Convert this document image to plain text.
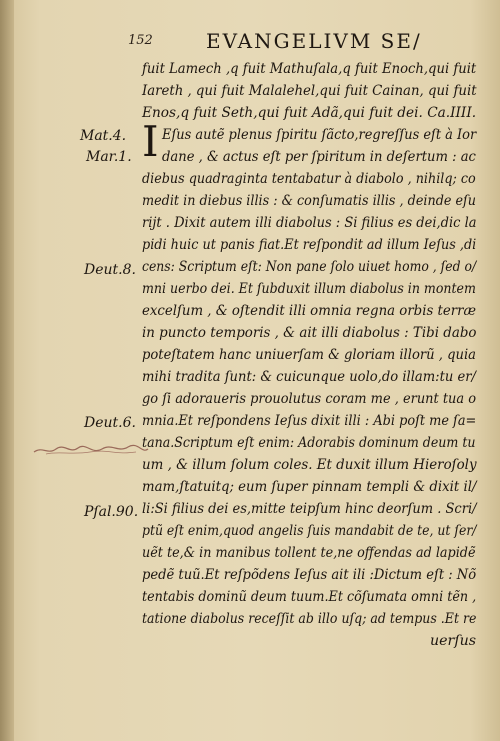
152	EVANGELIVM SE/
Mat.4.
Mar.1.
Deut.8.
Deut.6.
Pſal.90.
I
fuit Lamech ,q fuit Mathuſala,q fuit Enoch,qui fuit
Iareth , qui fuit Malalehel,qui fuit Cainan, qui fuit
Enos,q fuit Seth,qui fuit Adã,qui fuit dei. Ca.IIII.
Eſus autẽ plenus ſpiritu ſãcto,regreſſus eſt à Ior
dane , & actus eſt per ſpiritum in deſertum : ac
diebus quadraginta tentabatur à diabolo , nihilq; co
medit in diebus illis : & conſumatis illis , deinde eſu
rijt . Dixit autem illi diabolus : Si filius es dei,dic la
pidi huic ut panis fiat.Et reſpondit ad illum Ieſus ,di
cens: Scriptum eſt: Non pane ſolo uiuet homo , ſed o/
mni uerbo dei. Et ſubduxit illum diabolus in montem
excelſum , & oſtendit illi omnia regna orbis terræ
in puncto temporis , & ait illi diabolus : Tibi dabo
poteſtatem hanc uniuerſam & gloriam illorũ , quia
mihi tradita ſunt: & cuicunque uolo,do illam:tu er/
go ſi adoraueris prouolutus coram me , erunt tua o
mnia.Et reſpondens Ieſus dixit illi : Abi poſt me ſa=
tana.Scriptum eſt enim: Adorabis dominum deum tu
um , & illum ſolum coles. Et duxit illum Hieroſoly
mam,ſtatuitq; eum ſuper pinnam templi & dixit il/
li:Si filius dei es,mitte teipſum hinc deorſum . Scri/
ptũ eſt enim,quod angelis ſuis mandabit de te, ut ſer/
uẽt te,& in manibus tollent te,ne offendas ad lapidẽ
pedẽ tuũ.Et reſpõdens Ieſus ait ili :Dictum eſt : Nõ
tentabis dominũ deum tuum.Et cõſumata omni tẽn ,
tatione diabolus receſſit ab illo uſq; ad tempus .Et re
uerſus
